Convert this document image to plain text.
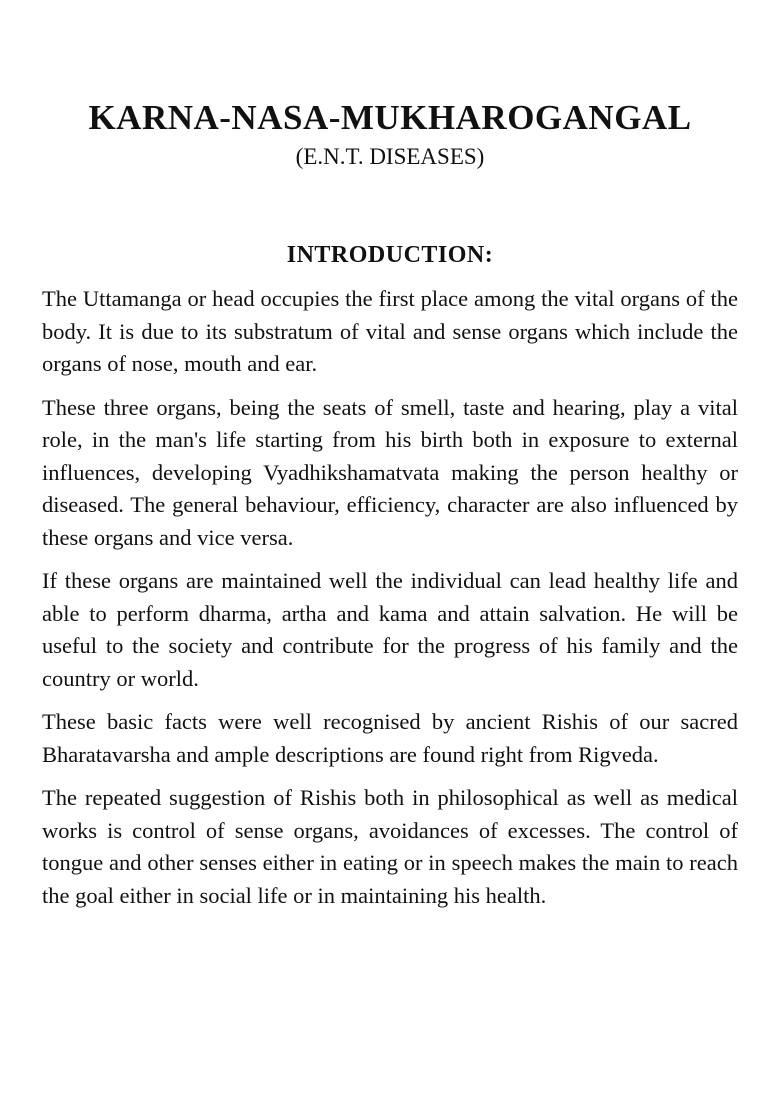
KARNA-NASA-MUKHAROGANGAL
(E.N.T. DISEASES)
INTRODUCTION:

The Uttamanga or head occupies the first place among the vital organs of the body. It is due to its substratum of vital and sense organs which include the organs of nose, mouth and ear.

These three organs, being the seats of smell, taste and hearing, play a vital role, in the man's life starting from his birth both in exposure to external influences, developing Vyadhikshamatvata making the person healthy or diseased. The general behaviour, efficiency, character are also influenced by these organs and vice versa.

If these organs are maintained well the individual can lead healthy life and able to perform dharma, artha and kama and attain salvation. He will be useful to the society and contribute for the progress of his family and the country or world.

These basic facts were well recognised by ancient Rishis of our sacred Bharatavarsha and ample descriptions are found right from Rigveda.

The repeated suggestion of Rishis both in philosophical as well as medical works is control of sense organs, avoidances of excesses. The control of tongue and other senses either in eating or in speech makes the main to reach the goal either in social life or in maintaining his health.
